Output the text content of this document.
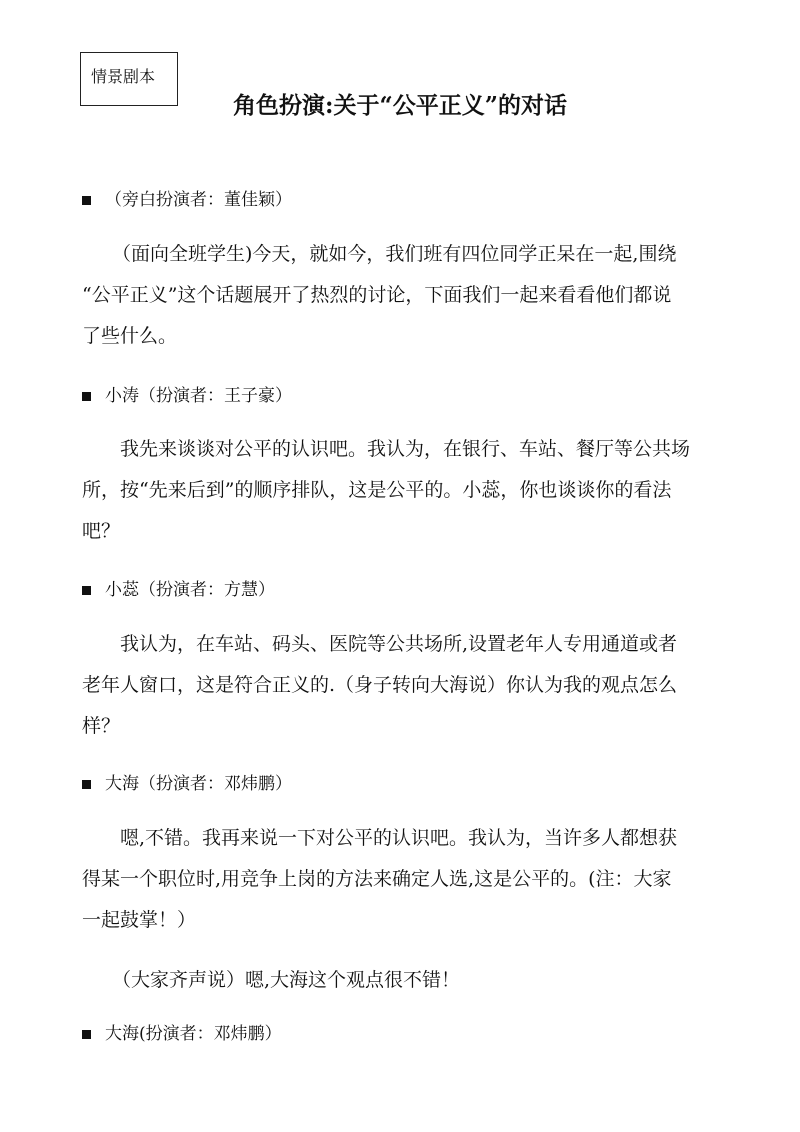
情景剧本
角色扮演:关于“公平正义”的对话
（旁白扮演者：董佳颖）

（面向全班学生)今天，就如今，我们班有四位同学正呆在一起,围绕
“公平正义”这个话题展开了热烈的讨论，下面我们一起来看看他们都说
了些什么。

小涛（扮演者：王子豪）

我先来谈谈对公平的认识吧。我认为，在银行、车站、餐厅等公共场
所，按“先来后到”的顺序排队，这是公平的。小蕊，你也谈谈你的看法
吧？

小蕊（扮演者：方慧）

我认为，在车站、码头、医院等公共场所,设置老年人专用通道或者
老年人窗口，这是符合正义的.（身子转向大海说）你认为我的观点怎么
样？

大海（扮演者：邓炜鹏）

嗯,不错。我再来说一下对公平的认识吧。我认为，当许多人都想获
得某一个职位时,用竞争上岗的方法来确定人选,这是公平的。(注：大家
一起鼓掌！）

（大家齐声说）嗯,大海这个观点很不错！

大海(扮演者：邓炜鹏）
